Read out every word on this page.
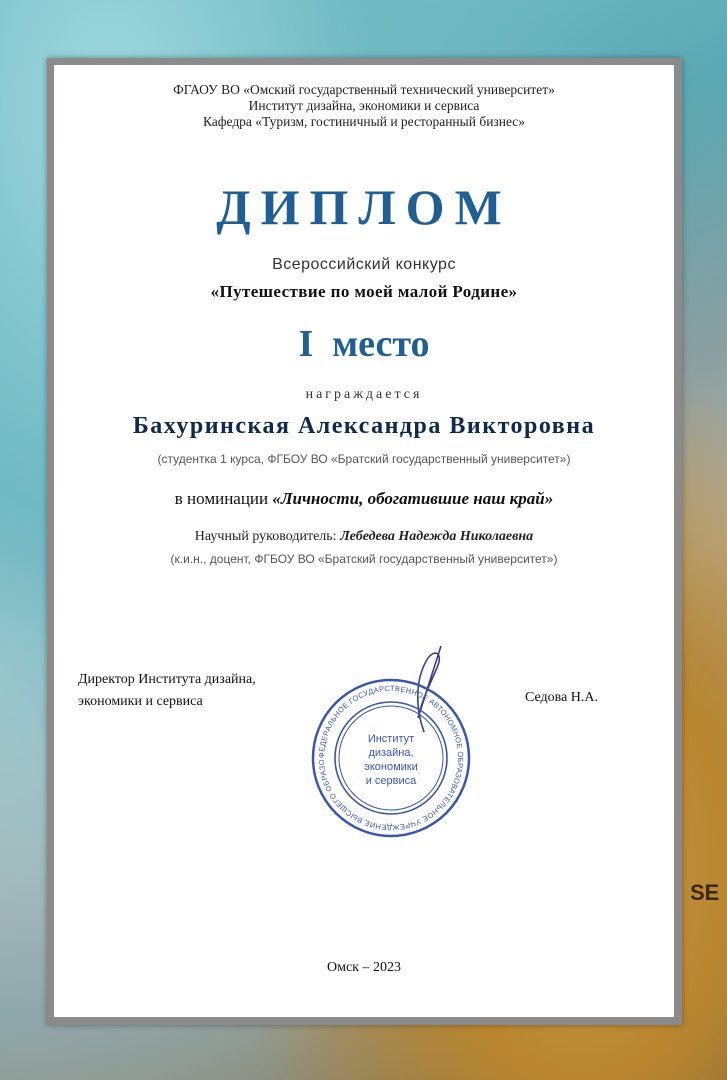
SE
ФГАОУ ВО «Омский государственный технический университет»
Институт дизайна, экономики и сервиса
Кафедра «Туризм, гостиничный и ресторанный бизнес»
ДИПЛОМ
Всероссийский конкурс
«Путешествие по моей малой Родине»
I  место
награждается
Бахуринская Александра Викторовна
(студентка 1 курса, ФГБОУ ВО «Братский государственный университет»)
в номинации «Личности, обогатившие наш край»
Научный руководитель: Лебедева Надежда Николаевна
(к.и.н., доцент, ФГБОУ ВО «Братский государственный университет»)
Директор Института дизайна,
экономики и сервиса
ФЕДЕРАЛЬНОЕ ГОСУДАРСТВЕННОЕ АВТОНОМНОЕ ОБРАЗОВАТЕЛЬНОЕ УЧРЕЖДЕНИЕ ВЫСШЕГО ОБРАЗО
Институт
дизайна,
экономики
и сервиса
Седова Н.А.
Омск – 2023
